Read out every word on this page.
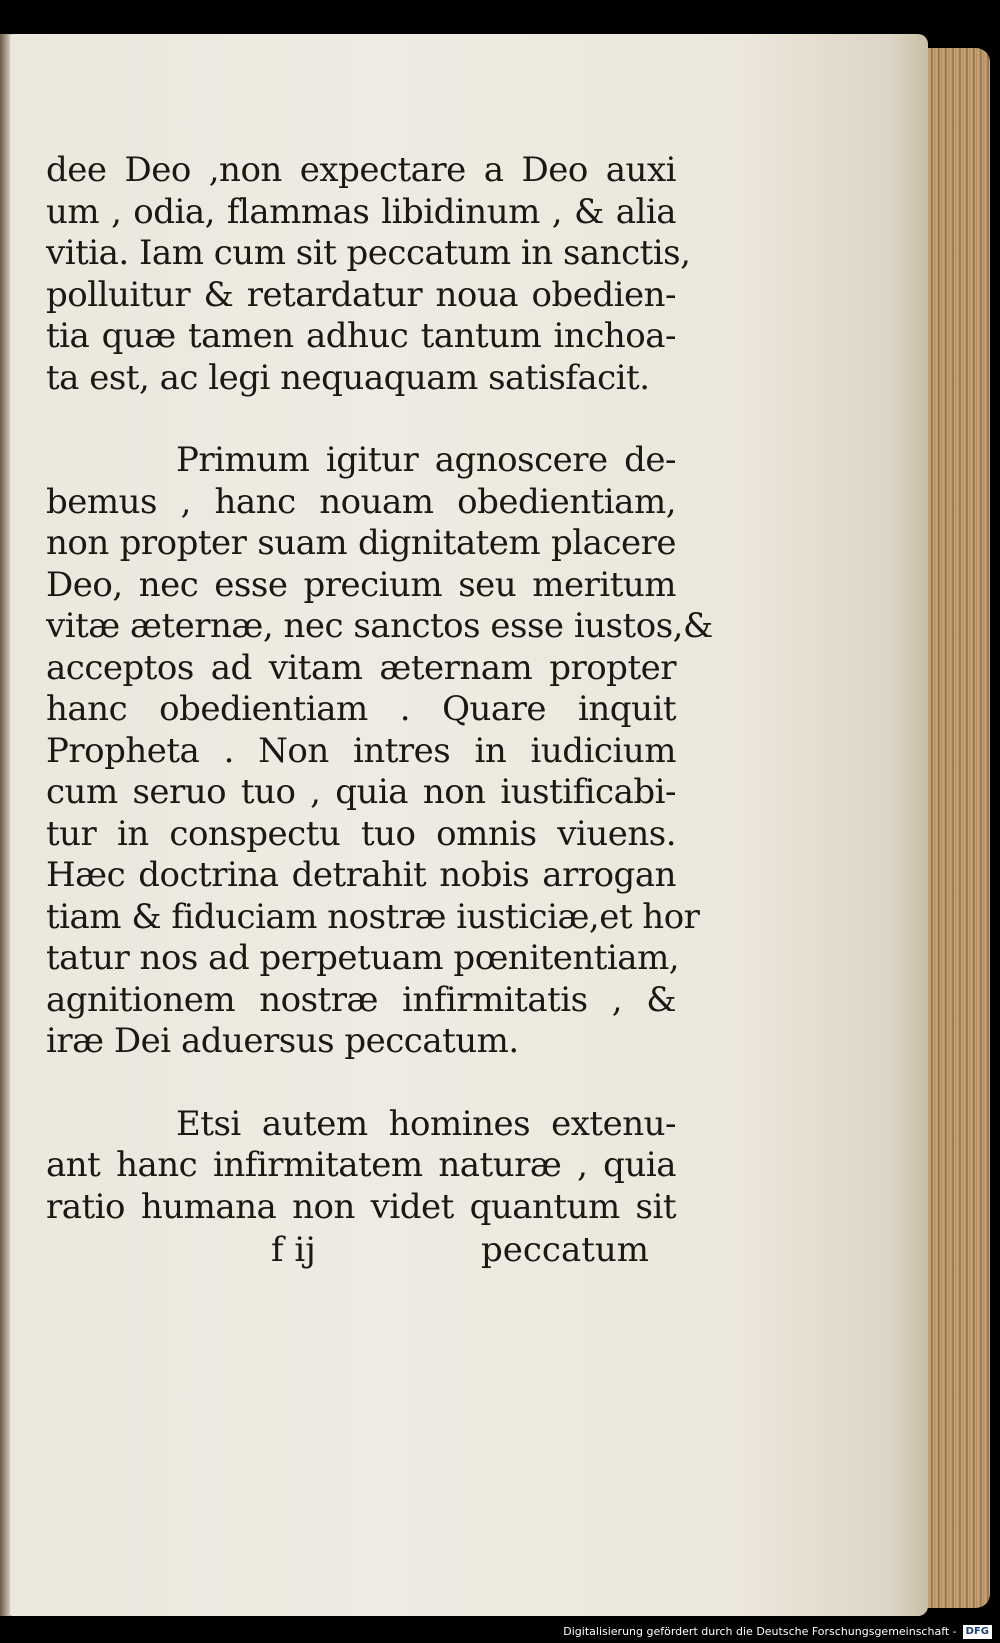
dee Deo ,non expectare a Deo auxi
um , odia, flammas libidinum , & alia
vitia. Iam cum sit peccatum in sanctis,
polluitur & retardatur noua obedien-
tia quæ tamen adhuc tantum inchoa-
ta est, ac legi nequaquam satisfacit.
Primum igitur agnoscere de-
bemus , hanc nouam obedientiam,
non propter suam dignitatem placere
Deo, nec esse precium seu meritum
vitæ æternæ, nec sanctos esse iustos,&
acceptos ad vitam æternam propter
hanc obedientiam . Quare inquit
Propheta . Non intres in iudicium
cum seruo tuo , quia non iustificabi-
tur in conspectu tuo omnis viuens.
Hæc doctrina detrahit nobis arrogan
tiam & fiduciam nostræ iusticiæ,et hor
tatur nos ad perpetuam pœnitentiam,
agnitionem nostræ infirmitatis , &
iræ Dei aduersus peccatum.
Etsi autem homines extenu-
ant hanc infirmitatem naturæ , quia
ratio humana non videt quantum sit
f ij	peccatum
Digitalisierung gefördert durch die Deutsche Forschungsgemeinschaft - DFG
